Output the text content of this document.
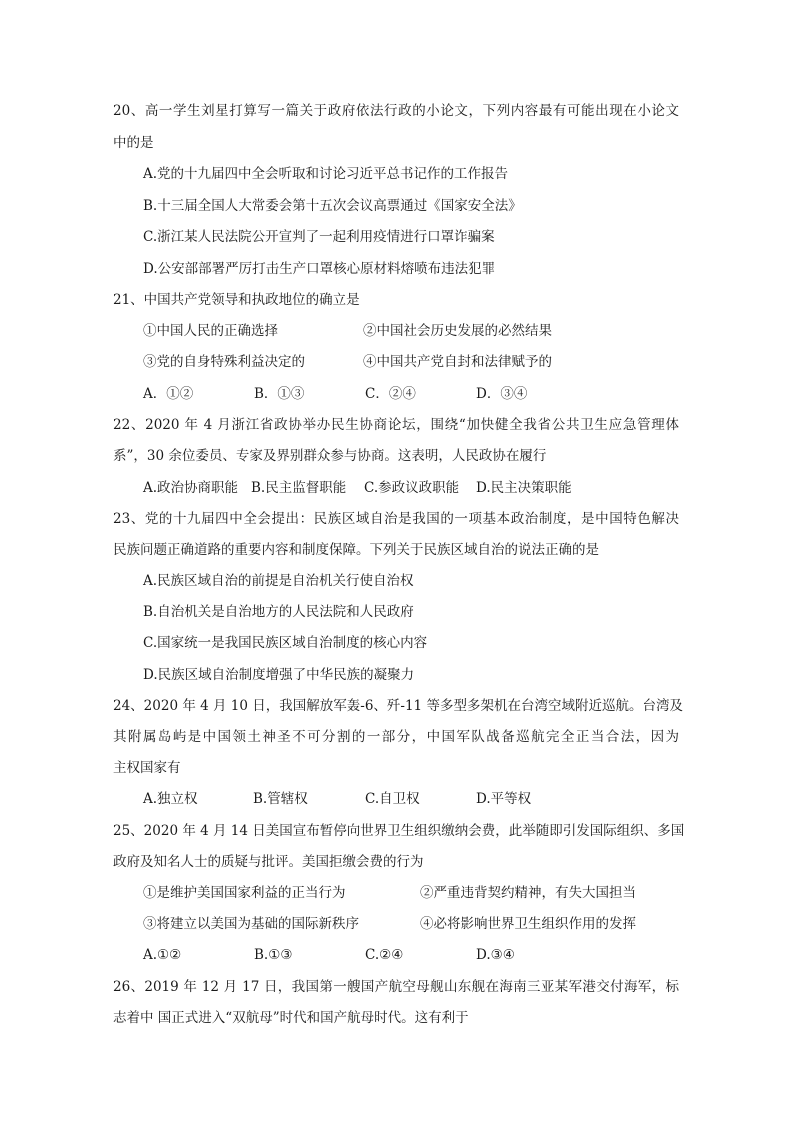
20、高一学生刘星打算写一篇关于政府依法行政的小论文，下列内容最有可能出现在小论文
中的是
A.党的十九届四中全会听取和讨论习近平总书记作的工作报告
B.十三届全国人大常委会第十五次会议高票通过《国家安全法》
C.浙江某人民法院公开宣判了一起利用疫情进行口罩诈骗案
D.公安部部署严厉打击生产口罩核心原材料熔喷布违法犯罪
21、中国共产党领导和执政地位的确立是
①中国人民的正确选择	②中国社会历史发展的必然结果
③党的自身特殊利益决定的	④中国共产党自封和法律赋予的
A．①②	B．①③	C．②④	D．③④
22、2020 年 4 月浙江省政协举办民生协商论坛，围绕“加快健全我省公共卫生应急管理体
系”，30 余位委员、专家及界别群众参与协商。这表明，人民政协在履行
A.政治协商职能 B.民主监督职能 C.参政议政职能 D.民主决策职能
23、党的十九届四中全会提出：民族区域自治是我国的一项基本政治制度，是中国特色解决
民族问题正确道路的重要内容和制度保障。下列关于民族区域自治的说法正确的是
A.民族区域自治的前提是自治机关行使自治权
B.自治机关是自治地方的人民法院和人民政府
C.国家统一是我国民族区域自治制度的核心内容
D.民族区域自治制度增强了中华民族的凝聚力
24、2020 年 4 月 10 日，我国解放军轰-6、歼-11 等多型多架机在台湾空域附近巡航。台湾及
其附属岛屿是中国领土神圣不可分割的一部分，中国军队战备巡航完全正当合法，因为
主权国家有
A.独立权	B.管辖权	C.自卫权	D.平等权
25、2020 年 4 月 14 日美国宣布暂停向世界卫生组织缴纳会费，此举随即引发国际组织、多国
政府及知名人士的质疑与批评。美国拒缴会费的行为
①是维护美国国家利益的正当行为	②严重违背契约精神，有失大国担当
③将建立以美国为基础的国际新秩序	④必将影响世界卫生组织作用的发挥
A.①②	B.①③	C.②④	D.③④
26、2019 年 12 月 17 日，我国第一艘国产航空母舰山东舰在海南三亚某军港交付海军，标
志着中 国正式进入“双航母”时代和国产航母时代。这有利于
